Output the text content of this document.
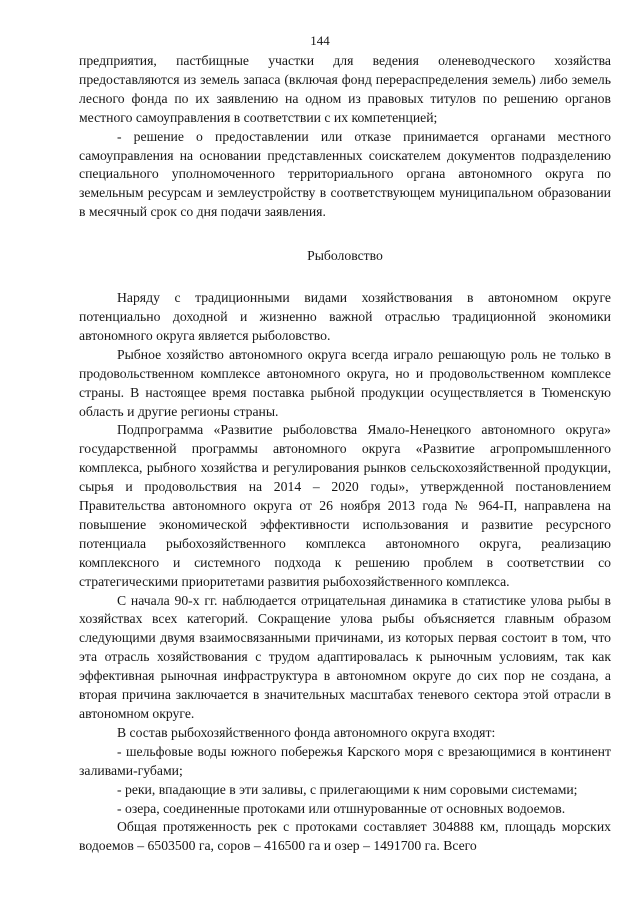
144

предприятия, пастбищные участки для ведения оленеводческого хозяйства предоставляются из земель запаса (включая фонд перераспределения земель) либо земель лесного фонда по их заявлению на одном из правовых титулов по решению органов местного самоуправления в соответствии с их компетенцией;

- решение о предоставлении или отказе принимается органами местного самоуправления на основании представленных соискателем документов подразделению специального уполномоченного территориального органа автономного округа по земельным ресурсам и землеустройству в соответствующем муниципальном образовании в месячный срок со дня подачи заявления.

Рыболовство

Наряду с традиционными видами хозяйствования в автономном округе потенциально доходной и жизненно важной отраслью традиционной экономики автономного округа является рыболовство.

Рыбное хозяйство автономного округа всегда играло решающую роль не только в продовольственном комплексе автономного округа, но и продовольственном комплексе страны. В настоящее время поставка рыбной продукции осуществляется в Тюменскую область и другие регионы страны.

Подпрограмма «Развитие рыболовства Ямало-Ненецкого автономного округа» государственной программы автономного округа «Развитие агропромышленного комплекса, рыбного хозяйства и регулирования рынков сельскохозяйственной продукции, сырья и продовольствия на 2014 – 2020 годы», утвержденной постановлением Правительства автономного округа от 26 ноября 2013 года № 964-П, направлена на повышение экономической эффективности использования и развитие ресурсного потенциала рыбохозяйственного комплекса автономного округа, реализацию комплексного и системного подхода к решению проблем в соответствии со стратегическими приоритетами развития рыбохозяйственного комплекса.

С начала 90-х гг. наблюдается отрицательная динамика в статистике улова рыбы в хозяйствах всех категорий. Сокращение улова рыбы объясняется главным образом следующими двумя взаимосвязанными причинами, из которых первая состоит в том, что эта отрасль хозяйствования с трудом адаптировалась к рыночным условиям, так как эффективная рыночная инфраструктура в автономном округе до сих пор не создана, а вторая причина заключается в значительных масштабах теневого сектора этой отрасли в автономном округе.

В состав рыбохозяйственного фонда автономного округа входят:

- шельфовые воды южного побережья Карского моря с врезающимися в континент заливами-губами;

- реки, впадающие в эти заливы, с прилегающими к ним соровыми системами;

- озера, соединенные протоками или отшнурованные от основных водоемов.

Общая протяженность рек с протоками составляет 304888 км, площадь морских водоемов – 6503500 га, соров – 416500 га и озер – 1491700 га. Всего
